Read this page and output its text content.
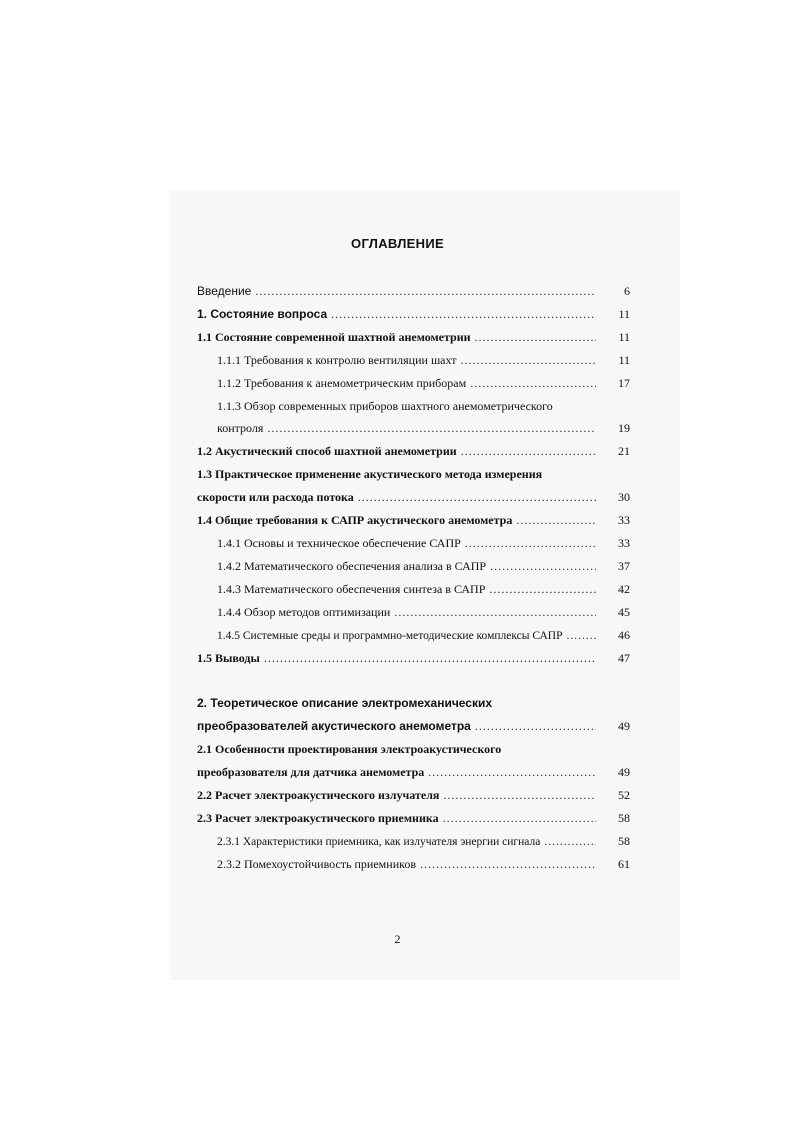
ОГЛАВЛЕНИЕ
Введение .....	6
1. Состояние вопроса .....	11
1.1 Состояние современной шахтной анемометрии .....	11
1.1.1 Требования к контролю вентиляции шахт .....	11
1.1.2 Требования к анемометрическим приборам .....	17
1.1.3 Обзор современных приборов шахтного анемометрического
контроля .....	19
1.2 Акустический способ шахтной анемометрии .....	21
1.3 Практическое применение акустического метода измерения
скорости или расхода потока .....	30
1.4 Общие требования к САПР акустического анемометра .....	33
1.4.1 Основы и техническое обеспечение САПР .....	33
1.4.2 Математического обеспечения анализа в САПР .....	37
1.4.3 Математического обеспечения синтеза в САПР .....	42
1.4.4 Обзор методов оптимизации .....	45
1.4.5 Системные среды и программно-методические комплексы САПР .....	46
1.5 Выводы .....	47
2. Теоретическое описание электромеханических
преобразователей акустического анемометра .....	49
2.1 Особенности проектирования электроакустического
преобразователя для датчика анемометра .....	49
2.2 Расчет электроакустического излучателя .....	52
2.3 Расчет электроакустического приемника .....	58
2.3.1 Характеристики приемника, как излучателя энергии сигнала .....	58
2.3.2 Помехоустойчивость приемников .....	61
2
